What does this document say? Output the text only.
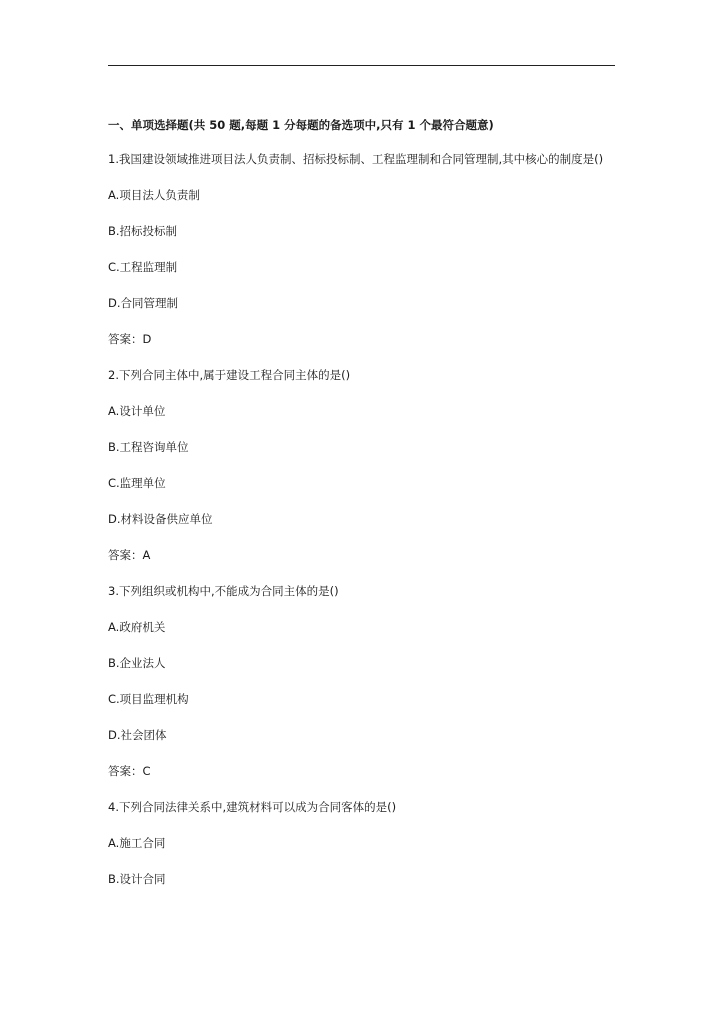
一、单项选择题(共 50 题,每题 1 分每题的备选项中,只有 1 个最符合题意)

1.我国建设领域推进项目法人负责制、招标投标制、工程监理制和合同管理制,其中核心的制度是()

A.项目法人负责制

B.招标投标制

C.工程监理制

D.合同管理制

答案：D

2.下列合同主体中,属于建设工程合同主体的是()

A.设计单位

B.工程咨询单位

C.监理单位

D.材料设备供应单位

答案：A

3.下列组织或机构中,不能成为合同主体的是()

A.政府机关

B.企业法人

C.项目监理机构

D.社会团体

答案：C

4.下列合同法律关系中,建筑材料可以成为合同客体的是()

A.施工合同

B.设计合同
